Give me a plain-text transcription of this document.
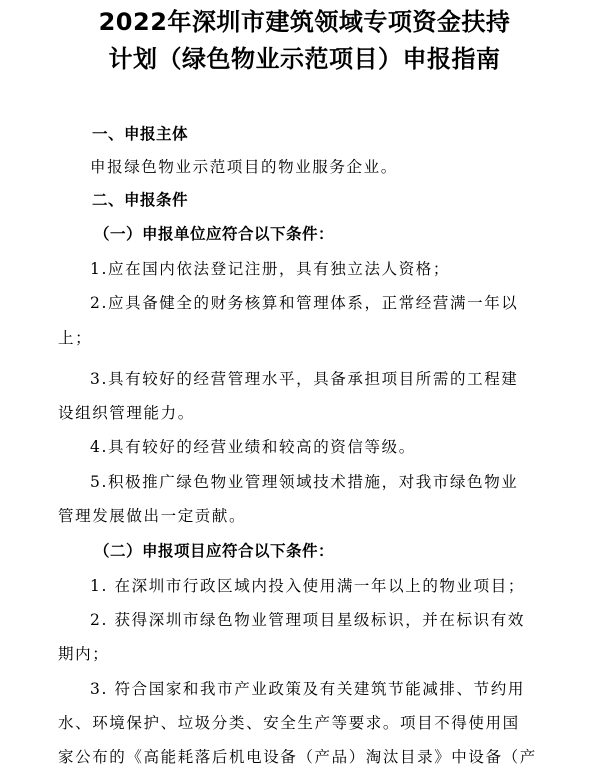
2022年深圳市建筑领域专项资金扶持
计划（绿色物业示范项目）申报指南
一、申报主体
申报绿色物业示范项目的物业服务企业。
二、申报条件
（一）申报单位应符合以下条件：
1.应在国内依法登记注册，具有独立法人资格；
2.应具备健全的财务核算和管理体系，正常经营满一年以
上；
3.具有较好的经营管理水平，具备承担项目所需的工程建
设组织管理能力。
4.具有较好的经营业绩和较高的资信等级。
5.积极推广绿色物业管理领域技术措施，对我市绿色物业
管理发展做出一定贡献。
（二）申报项目应符合以下条件：
1. 在深圳市行政区域内投入使用满一年以上的物业项目；
2. 获得深圳市绿色物业管理项目星级标识，并在标识有效
期内；
3. 符合国家和我市产业政策及有关建筑节能减排、节约用
水、环境保护、垃圾分类、安全生产等要求。项目不得使用国
家公布的《高能耗落后机电设备（产品）淘汰目录》中设备（产
